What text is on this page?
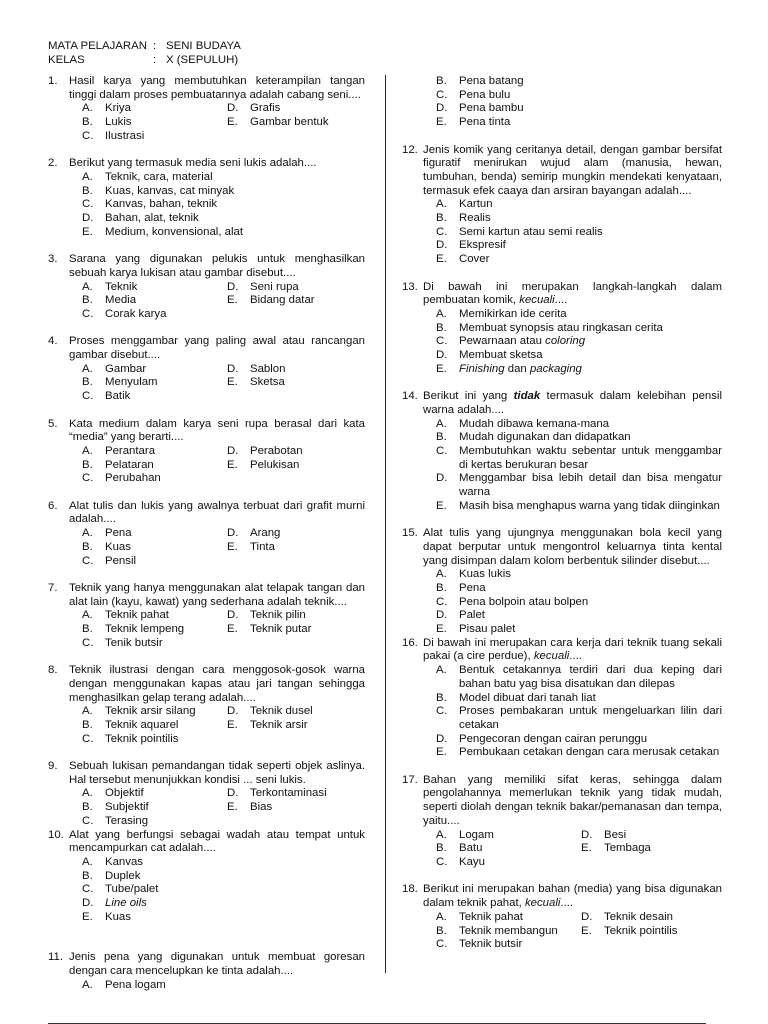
MATA PELAJARAN : SENI BUDAYA
KELAS	: X (SEPULUH)
1.	Hasil karya yang membutuhkan keterampilan tangan tinggi dalam proses pembuatannya adalah cabang seni....
A.	Kriya	D.	Grafis
B.	Lukis	E.	Gambar bentuk
C.	Ilustrasi
2.	Berikut yang termasuk media seni lukis adalah....
A.	Teknik, cara, material
B.	Kuas, kanvas, cat minyak
C.	Kanvas, bahan, teknik
D.	Bahan, alat, teknik
E.	Medium, konvensional, alat
3.	Sarana yang digunakan pelukis untuk menghasilkan sebuah karya lukisan atau gambar disebut....
A.	Teknik	D.	Seni rupa
B.	Media	E.	Bidang datar
C.	Corak karya
4.	Proses menggambar yang paling awal atau rancangan gambar disebut....
A.	Gambar	D.	Sablon
B.	Menyulam	E.	Sketsa
C.	Batik
5.	Kata medium dalam karya seni rupa berasal dari kata “media” yang berarti....
A.	Perantara	D.	Perabotan
B.	Pelataran	E.	Pelukisan
C.	Perubahan
6.	Alat tulis dan lukis yang awalnya terbuat dari grafit murni adalah....
A.	Pena	D.	Arang
B.	Kuas	E.	Tinta
C.	Pensil
7.	Teknik yang hanya menggunakan alat telapak tangan dan alat lain (kayu, kawat) yang sederhana adalah teknik....
A.	Teknik pahat	D.	Teknik pilin
B.	Teknik lempeng	E.	Teknik putar
C.	Tenik butsir
8.	Teknik ilustrasi dengan cara menggosok-gosok warna dengan menggunakan kapas atau jari tangan sehingga menghasilkan gelap terang adalah....
A.	Teknik arsir silang	D.	Teknik dusel
B.	Teknik aquarel	E.	Teknik arsir
C.	Teknik pointilis
9.	Sebuah lukisan pemandangan tidak seperti objek aslinya. Hal tersebut menunjukkan kondisi ... seni lukis.
A.	Objektif	D.	Terkontaminasi
B.	Subjektif	E.	Bias
C.	Terasing
10. Alat yang berfungsi sebagai wadah atau tempat untuk mencampurkan cat adalah....
A.	Kanvas
B.	Duplek
C.	Tube/palet
D.	Line oils
E.	Kuas
11. Jenis pena yang digunakan untuk membuat goresan dengan cara mencelupkan ke tinta adalah....
A.	Pena logam
B.	Pena batang
C.	Pena bulu
D.	Pena bambu
E.	Pena tinta
12. Jenis komik yang ceritanya detail, dengan gambar bersifat figuratif menirukan wujud alam (manusia, hewan, tumbuhan, benda) semirip mungkin mendekati kenyataan, termasuk efek caaya dan arsiran bayangan adalah....
A.	Kartun
B.	Realis
C.	Semi kartun atau semi realis
D.	Ekspresif
E.	Cover
13. Di bawah ini merupakan langkah-langkah dalam pembuatan komik, kecuali....
A.	Memikirkan ide cerita
B.	Membuat synopsis atau ringkasan cerita
C.	Pewarnaan atau coloring
D.	Membuat sketsa
E.	Finishing dan packaging
14. Berikut ini yang tidak termasuk dalam kelebihan pensil warna adalah....
A.	Mudah dibawa kemana-mana
B.	Mudah digunakan dan didapatkan
C.	Membutuhkan waktu sebentar untuk menggambar di kertas berukuran besar
D.	Menggambar bisa lebih detail dan bisa mengatur warna
E.	Masih bisa menghapus warna yang tidak diinginkan
15. Alat tulis yang ujungnya menggunakan bola kecil yang dapat berputar untuk mengontrol keluarnya tinta kental yang disimpan dalam kolom berbentuk silinder disebut....
A.	Kuas lukis
B.	Pena
C.	Pena bolpoin atau bolpen
D.	Palet
E.	Pisau palet
16. Di bawah ini merupakan cara kerja dari teknik tuang sekali pakai (a cire perdue), kecuali....
A.	Bentuk cetakannya terdiri dari dua keping dari bahan batu yag bisa disatukan dan dilepas
B.	Model dibuat dari tanah liat
C.	Proses pembakaran untuk mengeluarkan lilin dari cetakan
D.	Pengecoran dengan cairan perunggu
E.	Pembukaan cetakan dengan cara merusak cetakan
17. Bahan yang memiliki sifat keras, sehingga dalam pengolahannya memerlukan teknik yang tidak mudah, seperti diolah dengan teknik bakar/pemanasan dan tempa, yaitu....
A.	Logam	D.	Besi
B.	Batu	E.	Tembaga
C.	Kayu
18. Berikut ini merupakan bahan (media) yang bisa digunakan dalam teknik pahat, kecuali....
A.	Teknik pahat	D.	Teknik desain
B.	Teknik membangun	E.	Teknik pointilis
C.	Teknik butsir
